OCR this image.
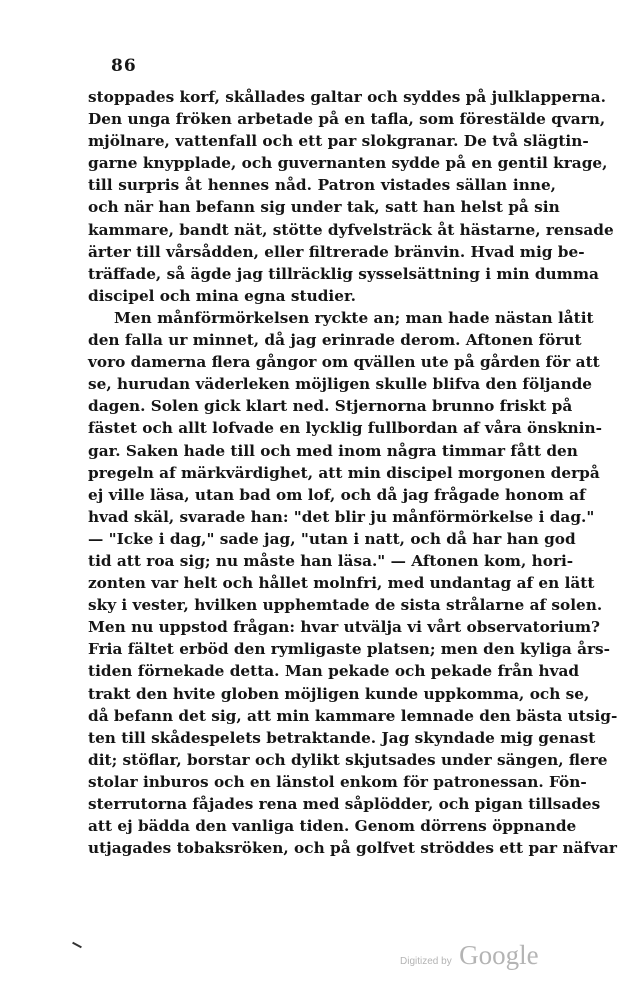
86
stoppades korf, skållades galtar och syddes på julklapperna.
Den unga fröken arbetade på en tafla, som förestälde qvarn,
mjölnare, vattenfall och ett par slokgranar. De två slägtin-
garne knypplade, och guvernanten sydde på en gentil krage,
till surpris åt hennes nåd. Patron vistades sällan inne,
och när han befann sig under tak, satt han helst på sin
kammare, bandt nät, stötte dyfvelsträck åt hästarne, rensade
ärter till vårsådden, eller filtrerade bränvin. Hvad mig be-
träffade, så ägde jag tillräcklig sysselsättning i min dumma
discipel och mina egna studier.
Men månförmörkelsen ryckte an; man hade nästan låtit
den falla ur minnet, då jag erinrade derom. Aftonen förut
voro damerna flera gångor om qvällen ute på gården för att
se, hurudan väderleken möjligen skulle blifva den följande
dagen. Solen gick klart ned. Stjernorna brunno friskt på
fästet och allt lofvade en lycklig fullbordan af våra önsknin-
gar. Saken hade till och med inom några timmar fått den
pregeln af märkvärdighet, att min discipel morgonen derpå
ej ville läsa, utan bad om lof, och då jag frågade honom af
hvad skäl, svarade han: "det blir ju månförmörkelse i dag."
— "Icke i dag," sade jag, "utan i natt, och då har han god
tid att roa sig; nu måste han läsa." — Aftonen kom, hori-
zonten var helt och hållet molnfri, med undantag af en lätt
sky i vester, hvilken upphemtade de sista strålarne af solen.
Men nu uppstod frågan: hvar utvälja vi vårt observatorium?
Fria fältet erböd den rymligaste platsen; men den kyliga års-
tiden förnekade detta. Man pekade och pekade från hvad
trakt den hvite globen möjligen kunde uppkomma, och se,
då befann det sig, att min kammare lemnade den bästa utsig-
ten till skådespelets betraktande. Jag skyndade mig genast
dit; stöflar, borstar och dylikt skjutsades under sängen, flere
stolar inburos och en länstol enkom för patronessan. Fön-
sterrutorna fåjades rena med såplödder, och pigan tillsades
att ej bädda den vanliga tiden. Genom dörrens öppnande
utjagades tobaksröken, och på golfvet ströddes ett par näfvar
Digitized by Google
